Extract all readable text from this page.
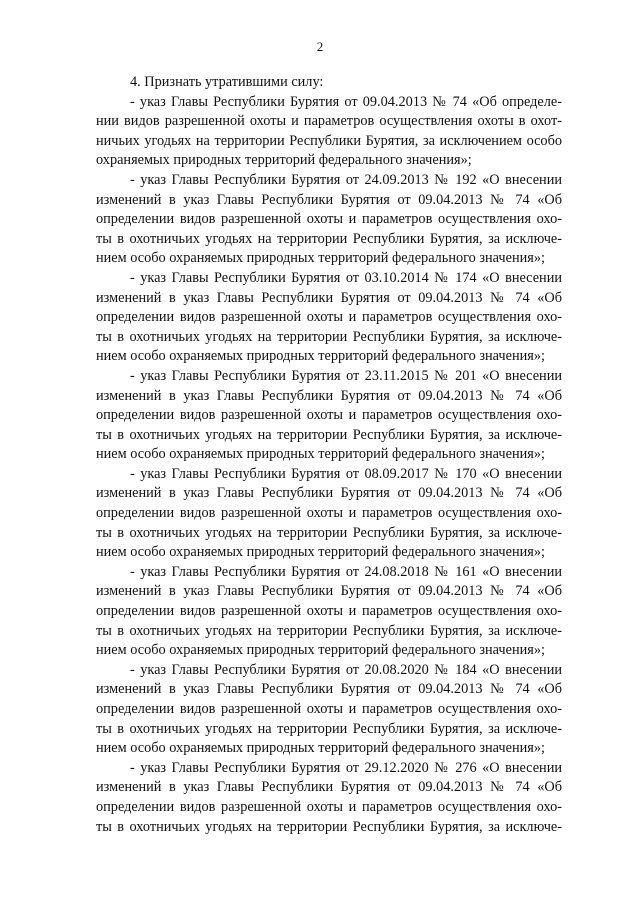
2

4. Признать утратившими силу:

- указ Главы Республики Бурятия от 09.04.2013 № 74 «Об определе-
нии видов разрешенной охоты и параметров осуществления охоты в охот-
ничьих угодьях на территории Республики Бурятия, за исключением особо
охраняемых природных территорий федерального значения»;

- указ Главы Республики Бурятия от 24.09.2013 № 192 «О внесении
изменений в указ Главы Республики Бурятия от 09.04.2013 № 74 «Об
определении видов разрешенной охоты и параметров осуществления охо-
ты в охотничьих угодьях на территории Республики Бурятия, за исключе-
нием особо охраняемых природных территорий федерального значения»;

- указ Главы Республики Бурятия от 03.10.2014 № 174 «О внесении
изменений в указ Главы Республики Бурятия от 09.04.2013 № 74 «Об
определении видов разрешенной охоты и параметров осуществления охо-
ты в охотничьих угодьях на территории Республики Бурятия, за исключе-
нием особо охраняемых природных территорий федерального значения»;

- указ Главы Республики Бурятия от 23.11.2015 № 201 «О внесении
изменений в указ Главы Республики Бурятия от 09.04.2013 № 74 «Об
определении видов разрешенной охоты и параметров осуществления охо-
ты в охотничьих угодьях на территории Республики Бурятия, за исключе-
нием особо охраняемых природных территорий федерального значения»;

- указ Главы Республики Бурятия от 08.09.2017 № 170 «О внесении
изменений в указ Главы Республики Бурятия от 09.04.2013 № 74 «Об
определении видов разрешенной охоты и параметров осуществления охо-
ты в охотничьих угодьях на территории Республики Бурятия, за исключе-
нием особо охраняемых природных территорий федерального значения»;

- указ Главы Республики Бурятия от 24.08.2018 № 161 «О внесении
изменений в указ Главы Республики Бурятия от 09.04.2013 № 74 «Об
определении видов разрешенной охоты и параметров осуществления охо-
ты в охотничьих угодьях на территории Республики Бурятия, за исключе-
нием особо охраняемых природных территорий федерального значения»;

- указ Главы Республики Бурятия от 20.08.2020 № 184 «О внесении
изменений в указ Главы Республики Бурятия от 09.04.2013 № 74 «Об
определении видов разрешенной охоты и параметров осуществления охо-
ты в охотничьих угодьях на территории Республики Бурятия, за исключе-
нием особо охраняемых природных территорий федерального значения»;

- указ Главы Республики Бурятия от 29.12.2020 № 276 «О внесении
изменений в указ Главы Республики Бурятия от 09.04.2013 № 74 «Об
определении видов разрешенной охоты и параметров осуществления охо-
ты в охотничьих угодьях на территории Республики Бурятия, за исключе-
